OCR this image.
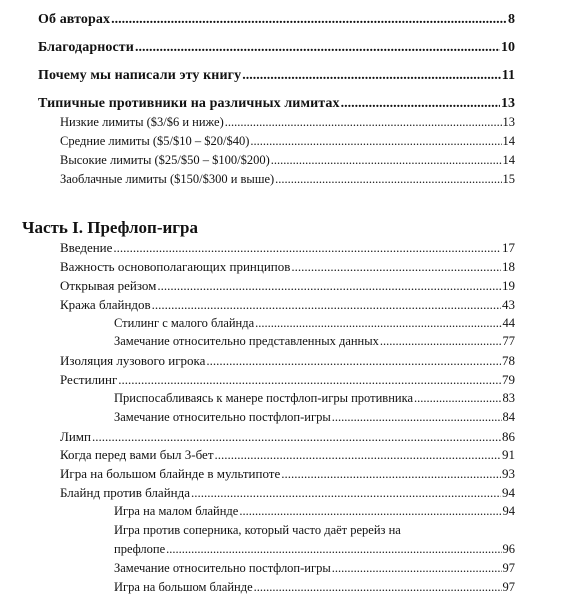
Об авторах .....	8
Благодарности .....	10
Почему мы написали эту книгу .....	11
Типичные противники на различных лимитах .....	13
Низкие лимиты ($3/$6 и ниже) .....	13
Средние лимиты ($5/$10 – $20/$40) .....	14
Высокие лимиты ($25/$50 – $100/$200) .....	14
Заоблачные лимиты ($150/$300 и выше) .....	15
Часть I. Префлоп-игра
Введение .....	17
Важность основополагающих принципов .....	18
Открывая рейзом .....	19
Кража блайндов .....	43
Стилинг с малого блайнда .....	44
Замечание относительно представленных данных .....	77
Изоляция лузового игрока .....	78
Рестилинг .....	79
Приспосабливаясь к манере постфлоп-игры противника .....	83
Замечание относительно постфлоп-игры .....	84
Лимп .....	86
Когда перед вами был 3-бет .....	91
Игра на большом блайнде в мультипоте .....	93
Блайнд против блайнда .....	94
Игра на малом блайнде .....	94
Игра против соперника, который часто даёт ререйз на
префлопе .....	96
Замечание относительно постфлоп-игры .....	97
Игра на большом блайнде .....	97
